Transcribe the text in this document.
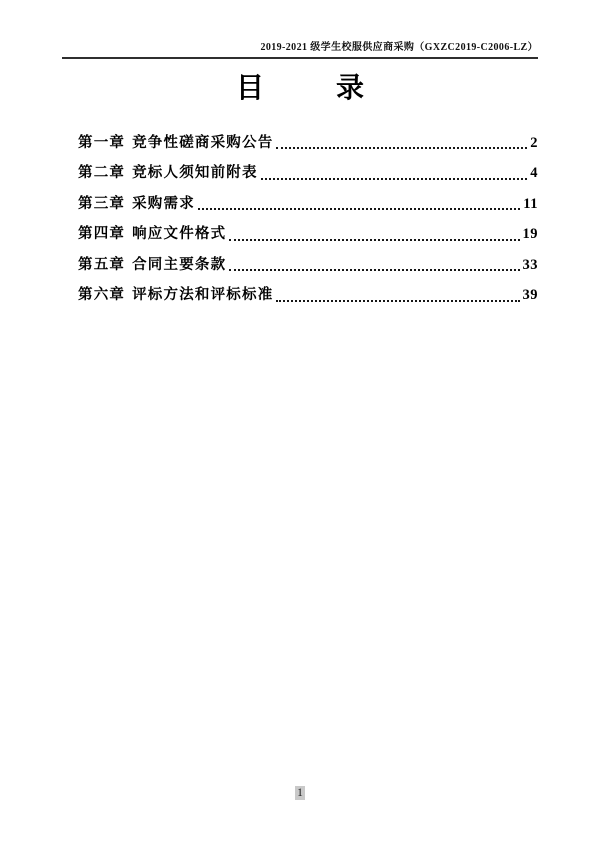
2019-2021 级学生校服供应商采购（GXZC2019-C2006-LZ）
目	录
第一章 竞争性磋商采购公告	2
第二章 竞标人须知前附表	4
第三章 采购需求	11
第四章 响应文件格式	19
第五章 合同主要条款	33
第六章 评标方法和评标标准	39
1
